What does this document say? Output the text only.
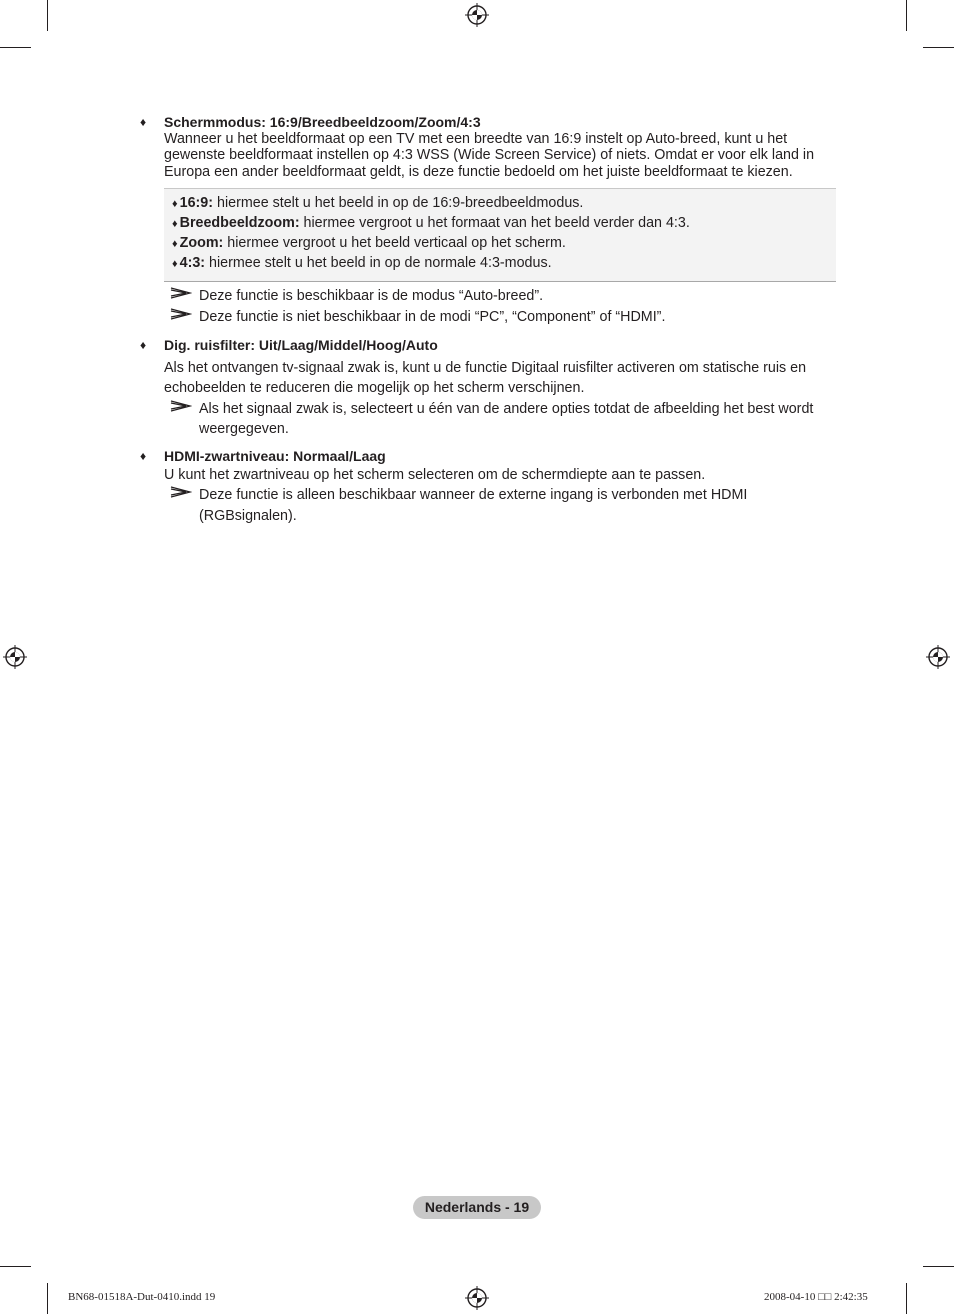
♦ Schermmodus: 16:9/Breedbeeldzoom/Zoom/4:3

Wanneer u het beeldformaat op een TV met een breedte van 16:9 instelt op Auto-breed, kunt u het gewenste beeldformaat instellen op 4:3 WSS (Wide Screen Service) of niets. Omdat er voor elk land in Europa een ander beeldformaat geldt, is deze functie bedoeld om het juiste beeldformaat te kiezen.

♦ 16:9: hiermee stelt u het beeld in op de 16:9-breedbeeldmodus.
♦ Breedbeeldzoom: hiermee vergroot u het formaat van het beeld verder dan 4:3.
♦ Zoom: hiermee vergroot u het beeld verticaal op het scherm.
♦ 4:3: hiermee stelt u het beeld in op de normale 4:3-modus.
Deze functie is beschikbaar is de modus “Auto-breed”.
Deze functie is niet beschikbaar in de modi “PC”, “Component” of “HDMI”.
♦ Dig. ruisfilter: Uit/Laag/Middel/Hoog/Auto

Als het ontvangen tv-signaal zwak is, kunt u de functie Digitaal ruisfilter activeren om statische ruis en echobeelden te reduceren die mogelijk op het scherm verschijnen.

Als het signaal zwak is, selecteert u één van de andere opties totdat de afbeelding het best wordt weergegeven.
♦ HDMI-zwartniveau: Normaal/Laag

U kunt het zwartniveau op het scherm selecteren om de schermdiepte aan te passen.

Deze functie is alleen beschikbaar wanneer de externe ingang is verbonden met HDMI (RGBsignalen).
Nederlands - 19
BN68-01518A-Dut-0410.indd 19	2008-04-10 □□ 2:42:35
